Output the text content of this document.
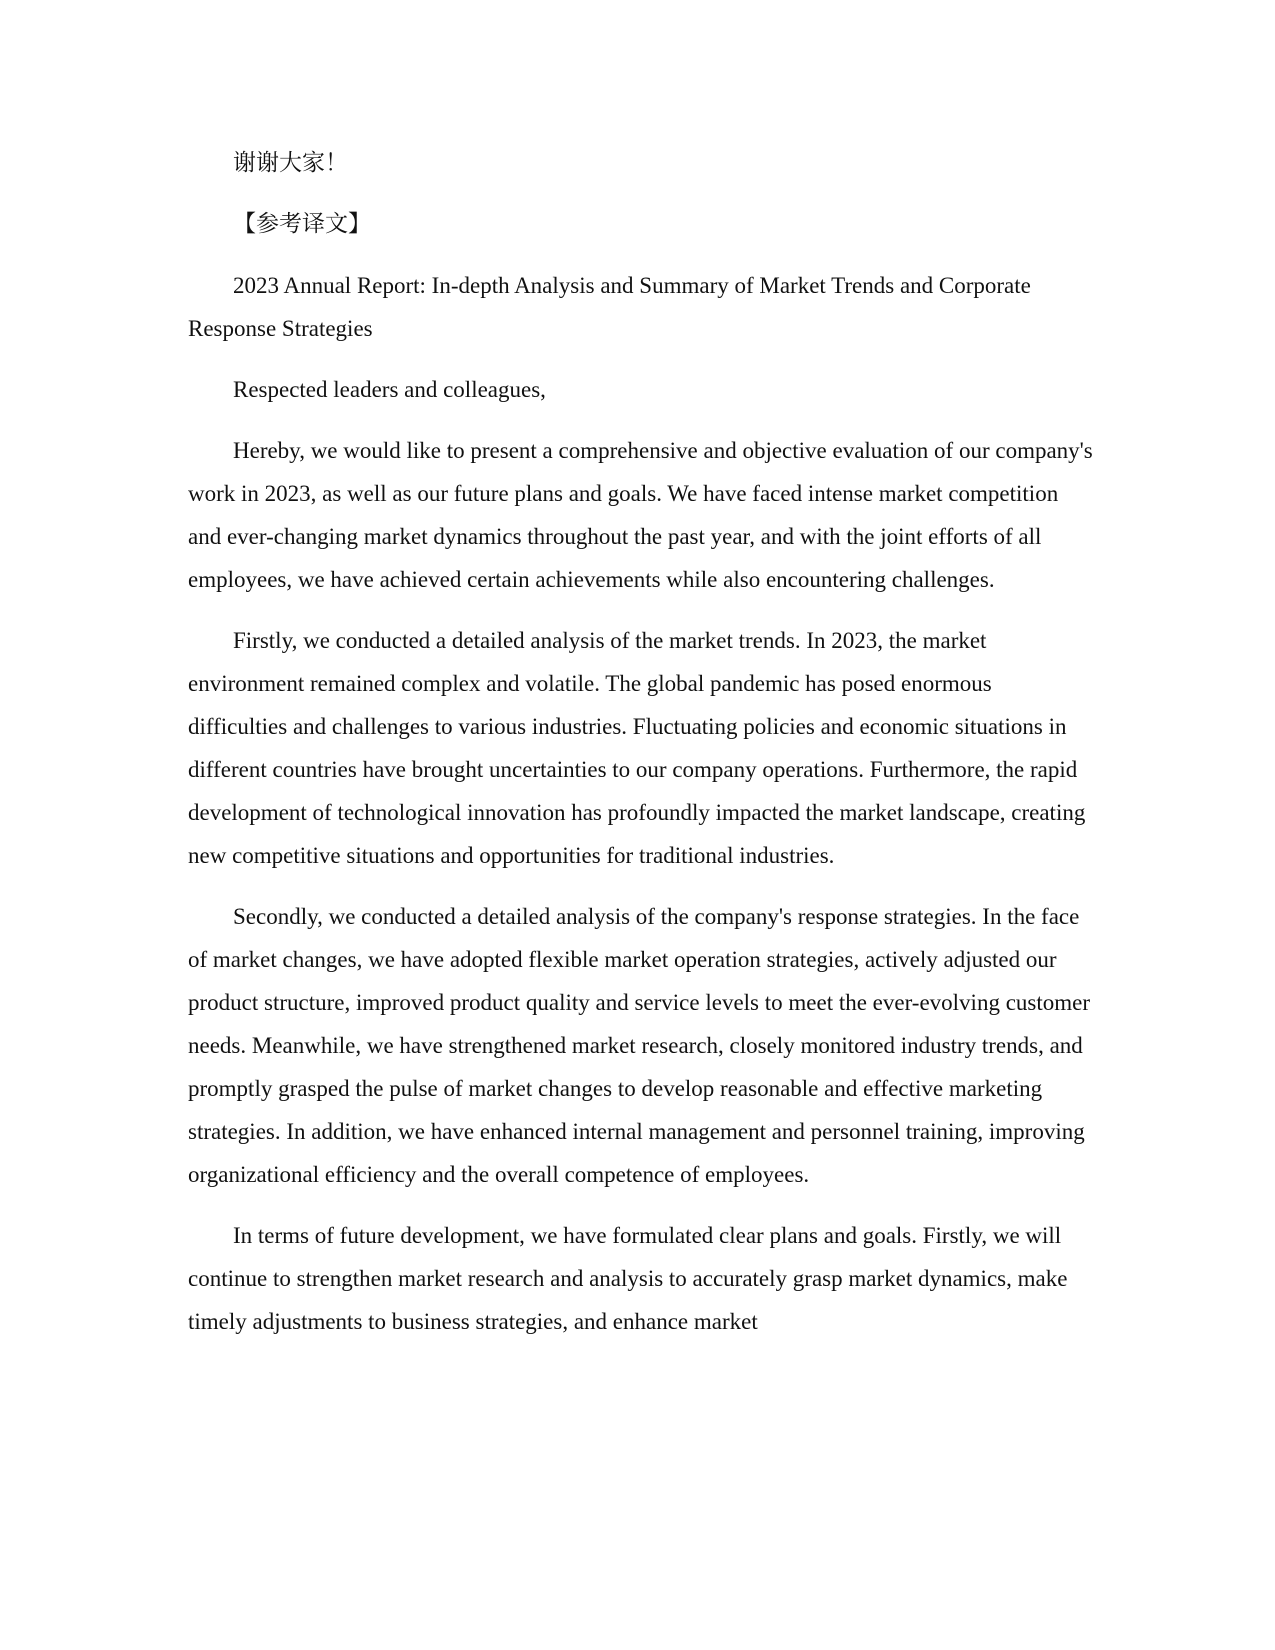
谢谢大家！

【参考译文】

2023 Annual Report: In-depth Analysis and Summary of Market Trends and Corporate Response Strategies

Respected leaders and colleagues,

Hereby, we would like to present a comprehensive and objective evaluation of our company's work in 2023, as well as our future plans and goals. We have faced intense market competition and ever-changing market dynamics throughout the past year, and with the joint efforts of all employees, we have achieved certain achievements while also encountering challenges.

Firstly, we conducted a detailed analysis of the market trends. In 2023, the market environment remained complex and volatile. The global pandemic has posed enormous difficulties and challenges to various industries. Fluctuating policies and economic situations in different countries have brought uncertainties to our company operations. Furthermore, the rapid development of technological innovation has profoundly impacted the market landscape, creating new competitive situations and opportunities for traditional industries.

Secondly, we conducted a detailed analysis of the company's response strategies. In the face of market changes, we have adopted flexible market operation strategies, actively adjusted our product structure, improved product quality and service levels to meet the ever-evolving customer needs. Meanwhile, we have strengthened market research, closely monitored industry trends, and promptly grasped the pulse of market changes to develop reasonable and effective marketing strategies. In addition, we have enhanced internal management and personnel training, improving organizational efficiency and the overall competence of employees.

In terms of future development, we have formulated clear plans and goals. Firstly, we will continue to strengthen market research and analysis to accurately grasp market dynamics, make timely adjustments to business strategies, and enhance market
